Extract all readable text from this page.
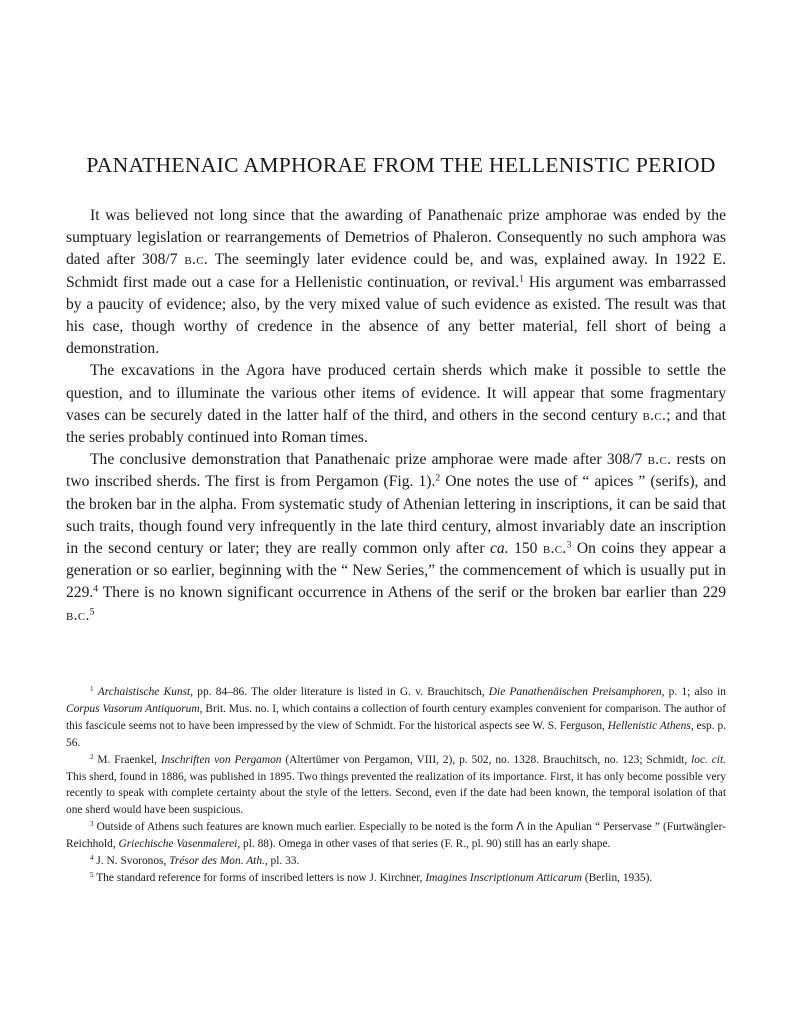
PANATHENAIC AMPHORAE FROM THE HELLENISTIC PERIOD

It was believed not long since that the awarding of Panathenaic prize amphorae was ended by the sumptuary legislation or rearrangements of Demetrios of Phaleron. Consequently no such amphora was dated after 308/7 b.c. The seemingly later evidence could be, and was, explained away. In 1922 E. Schmidt first made out a case for a Hellenistic continuation, or revival.$^1$ His argument was embarrassed by a paucity of evidence; also, by the very mixed value of such evidence as existed. The result was that his case, though worthy of credence in the absence of any better material, fell short of being a demonstration.

The excavations in the Agora have produced certain sherds which make it possible to settle the question, and to illuminate the various other items of evidence. It will appear that some fragmentary vases can be securely dated in the latter half of the third, and others in the second century b.c.; and that the series probably continued into Roman times.

The conclusive demonstration that Panathenaic prize amphorae were made after 308/7 b.c. rests on two inscribed sherds. The first is from Pergamon (Fig. 1).$^2$ One notes the use of “ apices ” (serifs), and the broken bar in the alpha. From systematic study of Athenian lettering in inscriptions, it can be said that such traits, though found very infrequently in the late third century, almost invariably date an inscription in the second century or later; they are really common only after ca. 150 b.c.$^3$ On coins they appear a generation or so earlier, beginning with the “ New Series,” the commencement of which is usually put in 229.$^4$ There is no known significant occurrence in Athens of the serif or the broken bar earlier than 229 b.c.$^5$

$^1$ Archaistische Kunst, pp. 84–86. The older literature is listed in G. v. Brauchitsch, Die Panathenäischen Preisamphoren, p. 1; also in Corpus Vasorum Antiquorum, Brit. Mus. no. I, which contains a collection of fourth century examples convenient for comparison. The author of this fascicule seems not to have been impressed by the view of Schmidt. For the historical aspects see W. S. Ferguson, Hellenistic Athens, esp. p. 56.

$^2$ M. Fraenkel, Inschriften von Pergamon (Altertümer von Pergamon, VIII, 2), p. 502, no. 1328. Brauchitsch, no. 123; Schmidt, loc. cit. This sherd, found in 1886, was published in 1895. Two things prevented the realization of its importance. First, it has only become possible very recently to speak with complete certainty about the style of the letters. Second, even if the date had been known, the temporal isolation of that one sherd would have been suspicious.

$^3$ Outside of Athens such features are known much earlier. Especially to be noted is the form ꓥ in the Apulian “ Perservase ” (Furtwängler-Reichhold, Griechische Vasenmalerei, pl. 88). Omega in other vases of that series (F. R., pl. 90) still has an early shape.

$^4$ J. N. Svoronos, Trésor des Mon. Ath., pl. 33.

$^5$ The standard reference for forms of inscribed letters is now J. Kirchner, Imagines Inscriptionum Atticarum (Berlin, 1935).
